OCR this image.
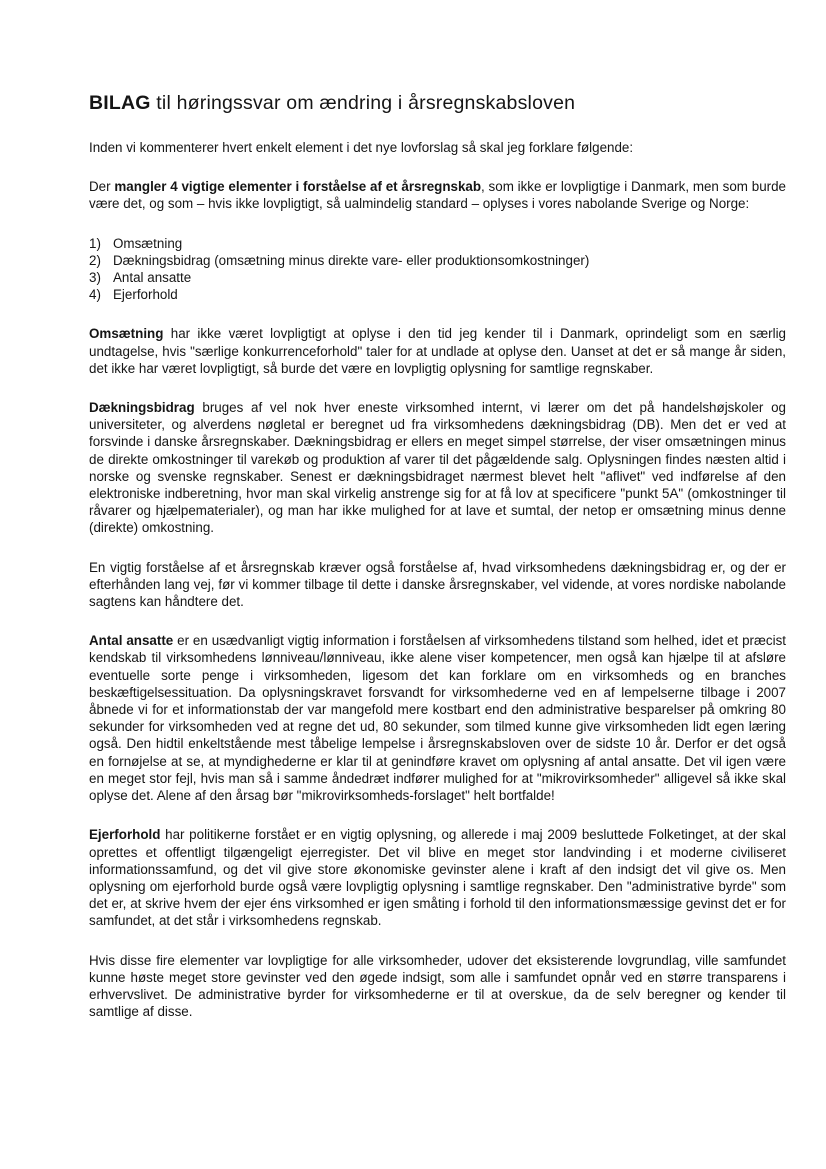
BILAG til høringssvar om ændring i årsregnskabsloven

Inden vi kommenterer hvert enkelt element i det nye lovforslag så skal jeg forklare følgende:

Der mangler 4 vigtige elementer i forståelse af et årsregnskab, som ikke er lovpligtige i Danmark, men som burde være det, og som – hvis ikke lovpligtigt, så ualmindelig standard – oplyses i vores nabolande Sverige og Norge:

1) Omsætning
2) Dækningsbidrag (omsætning minus direkte vare- eller produktionsomkostninger)
3) Antal ansatte
4) Ejerforhold

Omsætning har ikke været lovpligtigt at oplyse i den tid jeg kender til i Danmark, oprindeligt som en særlig undtagelse, hvis "særlige konkurrenceforhold" taler for at undlade at oplyse den. Uanset at det er så mange år siden, det ikke har været lovpligtigt, så burde det være en lovpligtig oplysning for samtlige regnskaber.

Dækningsbidrag bruges af vel nok hver eneste virksomhed internt, vi lærer om det på handelshøjskoler og universiteter, og alverdens nøgletal er beregnet ud fra virksomhedens dækningsbidrag (DB). Men det er ved at forsvinde i danske årsregnskaber. Dækningsbidrag er ellers en meget simpel størrelse, der viser omsætningen minus de direkte omkostninger til varekøb og produktion af varer til det pågældende salg. Oplysningen findes næsten altid i norske og svenske regnskaber. Senest er dækningsbidraget nærmest blevet helt "aflivet" ved indførelse af den elektroniske indberetning, hvor man skal virkelig anstrenge sig for at få lov at specificere "punkt 5A" (omkostninger til råvarer og hjælpematerialer), og man har ikke mulighed for at lave et sumtal, der netop er omsætning minus denne (direkte) omkostning.

En vigtig forståelse af et årsregnskab kræver også forståelse af, hvad virksomhedens dækningsbidrag er, og der er efterhånden lang vej, før vi kommer tilbage til dette i danske årsregnskaber, vel vidende, at vores nordiske nabolande sagtens kan håndtere det.

Antal ansatte er en usædvanligt vigtig information i forståelsen af virksomhedens tilstand som helhed, idet et præcist kendskab til virksomhedens lønniveau/lønniveau, ikke alene viser kompetencer, men også kan hjælpe til at afsløre eventuelle sorte penge i virksomheden, ligesom det kan forklare om en virksomheds og en branches beskæftigelsessituation. Da oplysningskravet forsvandt for virksomhederne ved en af lempelserne tilbage i 2007 åbnede vi for et informationstab der var mangefold mere kostbart end den administrative besparelser på omkring 80 sekunder for virksomheden ved at regne det ud, 80 sekunder, som tilmed kunne give virksomheden lidt egen læring også. Den hidtil enkeltstående mest tåbelige lempelse i årsregnskabsloven over de sidste 10 år. Derfor er det også en fornøjelse at se, at myndighederne er klar til at genindføre kravet om oplysning af antal ansatte. Det vil igen være en meget stor fejl, hvis man så i samme åndedræt indfører mulighed for at "mikrovirksomheder" alligevel så ikke skal oplyse det. Alene af den årsag bør "mikrovirksomheds-forslaget" helt bortfalde!

Ejerforhold har politikerne forstået er en vigtig oplysning, og allerede i maj 2009 besluttede Folketinget, at der skal oprettes et offentligt tilgængeligt ejerregister. Det vil blive en meget stor landvinding i et moderne civiliseret informationssamfund, og det vil give store økonomiske gevinster alene i kraft af den indsigt det vil give os. Men oplysning om ejerforhold burde også være lovpligtig oplysning i samtlige regnskaber. Den "administrative byrde" som det er, at skrive hvem der ejer éns virksomhed er igen småting i forhold til den informationsmæssige gevinst det er for samfundet, at det står i virksomhedens regnskab.

Hvis disse fire elementer var lovpligtige for alle virksomheder, udover det eksisterende lovgrundlag, ville samfundet kunne høste meget store gevinster ved den øgede indsigt, som alle i samfundet opnår ved en større transparens i erhvervslivet. De administrative byrder for virksomhederne er til at overskue, da de selv beregner og kender til samtlige af disse.
